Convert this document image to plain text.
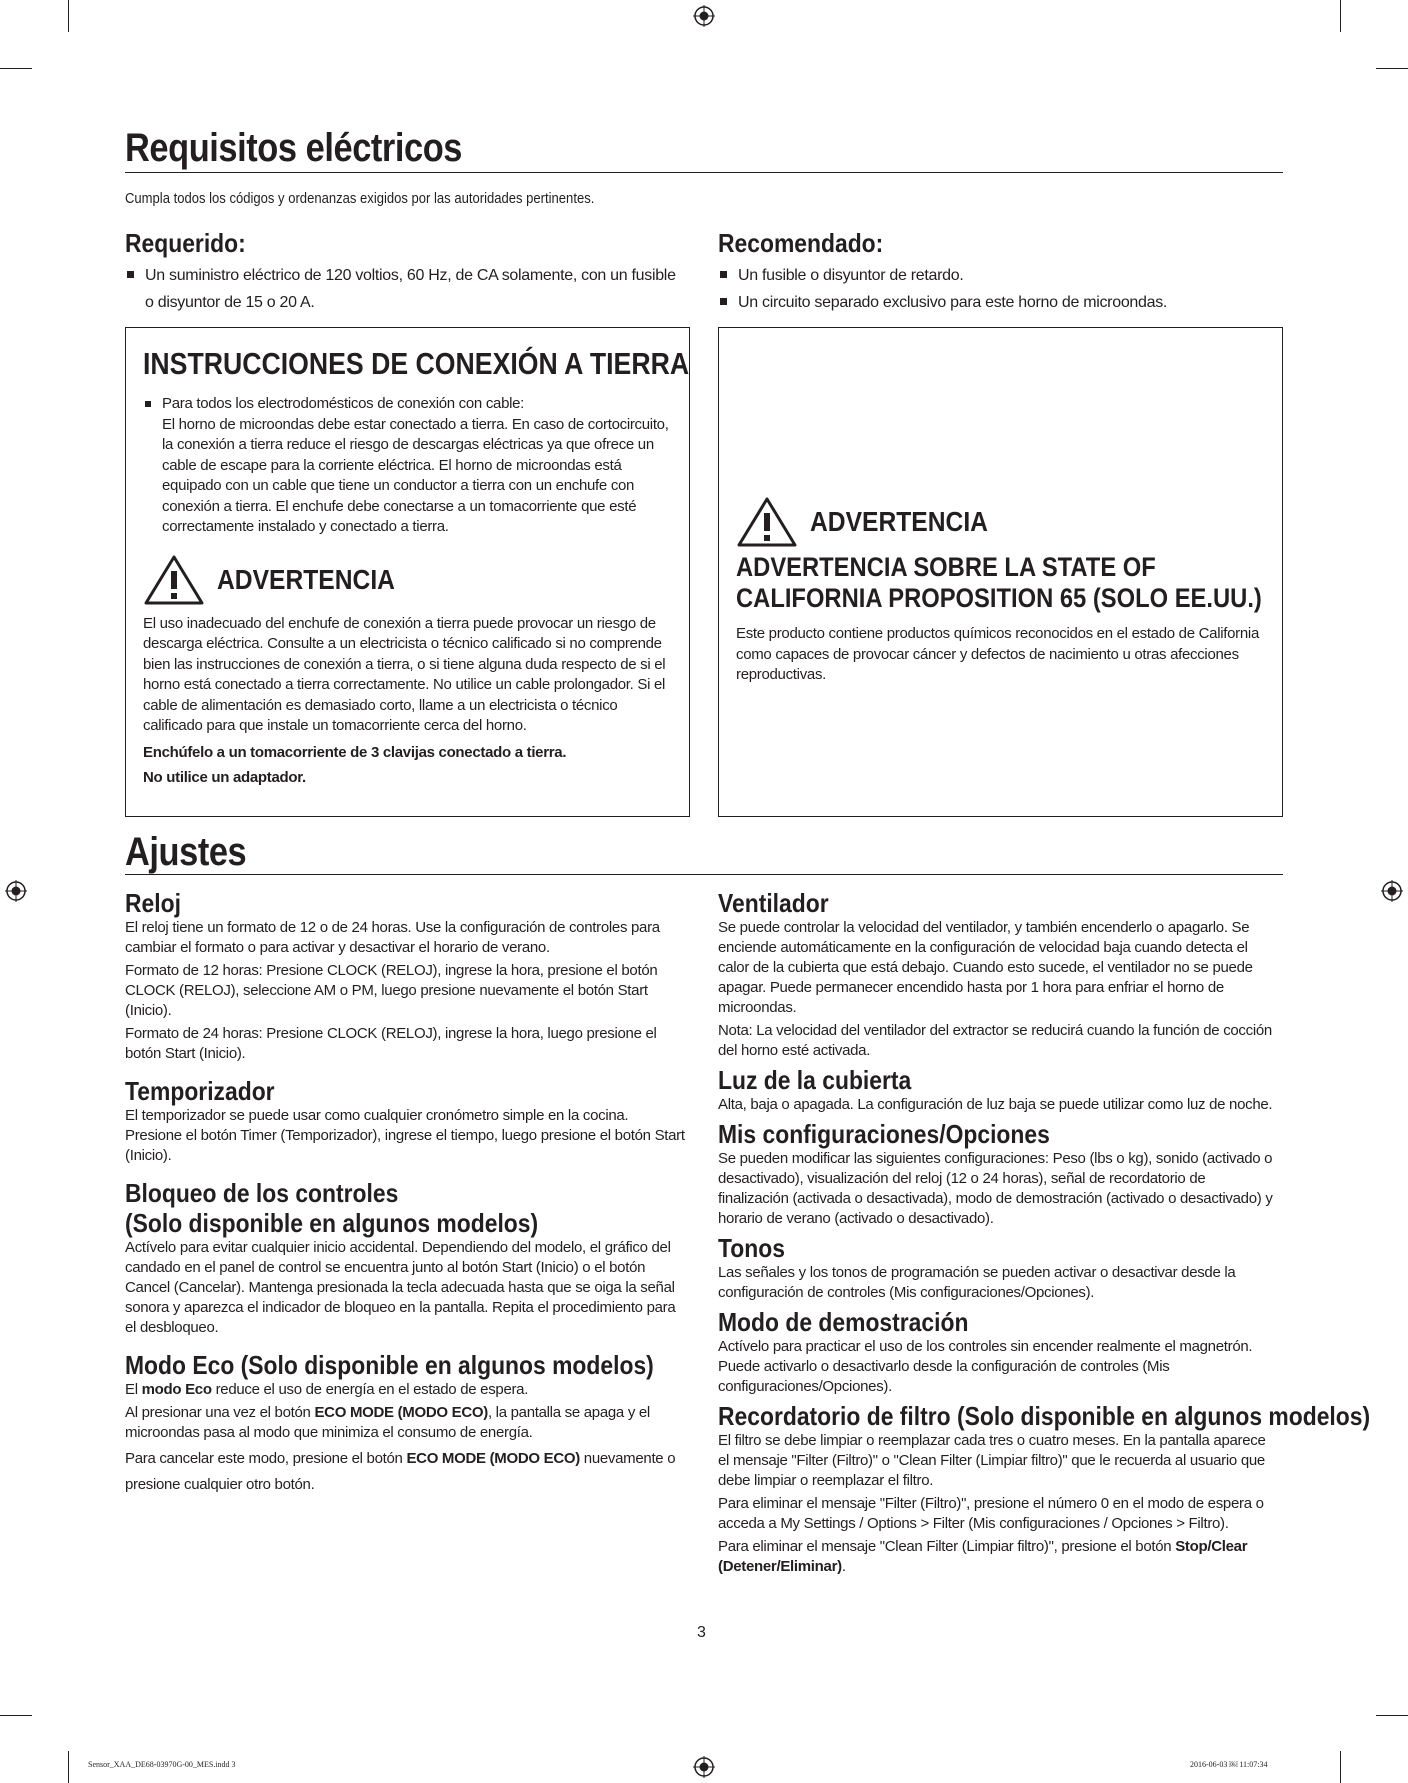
Requisitos eléctricos
Cumpla todos los códigos y ordenanzas exigidos por las autoridades pertinentes.
Requerido:
Un suministro eléctrico de 120 voltios, 60 Hz, de CA solamente, con un fusible o disyuntor de 15 o 20 A.
Recomendado:
Un fusible o disyuntor de retardo.
Un circuito separado exclusivo para este horno de microondas.
INSTRUCCIONES DE CONEXIÓN A TIERRA

Para todos los electrodomésticos de conexión con cable:

El horno de microondas debe estar conectado a tierra. En caso de cortocircuito, la conexión a tierra reduce el riesgo de descargas eléctricas ya que ofrece un cable de escape para la corriente eléctrica. El horno de microondas está equipado con un cable que tiene un conductor a tierra con un enchufe con conexión a tierra. El enchufe debe conectarse a un tomacorriente que esté correctamente instalado y conectado a tierra.

ADVERTENCIA

El uso inadecuado del enchufe de conexión a tierra puede provocar un riesgo de descarga eléctrica. Consulte a un electricista o técnico calificado si no comprende bien las instrucciones de conexión a tierra, o si tiene alguna duda respecto de si el horno está conectado a tierra correctamente. No utilice un cable prolongador. Si el cable de alimentación es demasiado corto, llame a un electricista o técnico calificado para que instale un tomacorriente cerca del horno.

Enchúfelo a un tomacorriente de 3 clavijas conectado a tierra.

No utilice un adaptador.

ADVERTENCIA

ADVERTENCIA SOBRE LA STATE OF

CALIFORNIA PROPOSITION 65 (SOLO EE.UU.)

Este producto contiene productos químicos reconocidos en el estado de California como capaces de provocar cáncer y defectos de nacimiento u otras afecciones reproductivas.

Ajustes
Reloj

El reloj tiene un formato de 12 o de 24 horas. Use la configuración de controles para cambiar el formato o para activar y desactivar el horario de verano.

Formato de 12 horas: Presione CLOCK (RELOJ), ingrese la hora, presione el botón CLOCK (RELOJ), seleccione AM o PM, luego presione nuevamente el botón Start (Inicio).

Formato de 24 horas: Presione CLOCK (RELOJ), ingrese la hora, luego presione el botón Start (Inicio).

Temporizador

El temporizador se puede usar como cualquier cronómetro simple en la cocina. Presione el botón Timer (Temporizador), ingrese el tiempo, luego presione el botón Start (Inicio).

Bloqueo de los controles
(Solo disponible en algunos modelos)

Actívelo para evitar cualquier inicio accidental. Dependiendo del modelo, el gráfico del candado en el panel de control se encuentra junto al botón Start (Inicio) o el botón Cancel (Cancelar). Mantenga presionada la tecla adecuada hasta que se oiga la señal sonora y aparezca el indicador de bloqueo en la pantalla. Repita el procedimiento para el desbloqueo.

Modo Eco (Solo disponible en algunos modelos)

El modo Eco reduce el uso de energía en el estado de espera.

Al presionar una vez el botón ECO MODE (MODO ECO), la pantalla se apaga y el microondas pasa al modo que minimiza el consumo de energía.

Para cancelar este modo, presione el botón ECO MODE (MODO ECO) nuevamente o presione cualquier otro botón.

Ventilador

Se puede controlar la velocidad del ventilador, y también encenderlo o apagarlo. Se enciende automáticamente en la configuración de velocidad baja cuando detecta el calor de la cubierta que está debajo. Cuando esto sucede, el ventilador no se puede apagar. Puede permanecer encendido hasta por 1 hora para enfriar el horno de microondas.

Nota: La velocidad del ventilador del extractor se reducirá cuando la función de cocción del horno esté activada.

Luz de la cubierta

Alta, baja o apagada. La configuración de luz baja se puede utilizar como luz de noche.

Mis configuraciones/Opciones

Se pueden modificar las siguientes configuraciones: Peso (lbs o kg), sonido (activado o desactivado), visualización del reloj (12 o 24 horas), señal de recordatorio de finalización (activada o desactivada), modo de demostración (activado o desactivado) y horario de verano (activado o desactivado).

Tonos

Las señales y los tonos de programación se pueden activar o desactivar desde la configuración de controles (Mis configuraciones/Opciones).

Modo de demostración

Actívelo para practicar el uso de los controles sin encender realmente el magnetrón. Puede activarlo o desactivarlo desde la configuración de controles (Mis configuraciones/Opciones).

Recordatorio de filtro (Solo disponible en algunos modelos)

El filtro se debe limpiar o reemplazar cada tres o cuatro meses. En la pantalla aparece el mensaje "Filter (Filtro)" o "Clean Filter (Limpiar filtro)" que le recuerda al usuario que debe limpiar o reemplazar el filtro.

Para eliminar el mensaje "Filter (Filtro)", presione el número 0 en el modo de espera o acceda a My Settings / Options > Filter (Mis configuraciones / Opciones > Filtro).

Para eliminar el mensaje "Clean Filter (Limpiar filtro)", presione el botón Stop/Clear (Detener/Eliminar).

3
Sensor_XAA_DE68-03970G-00_MES.indd 3	2016-06-03 ￼ 11:07:34
